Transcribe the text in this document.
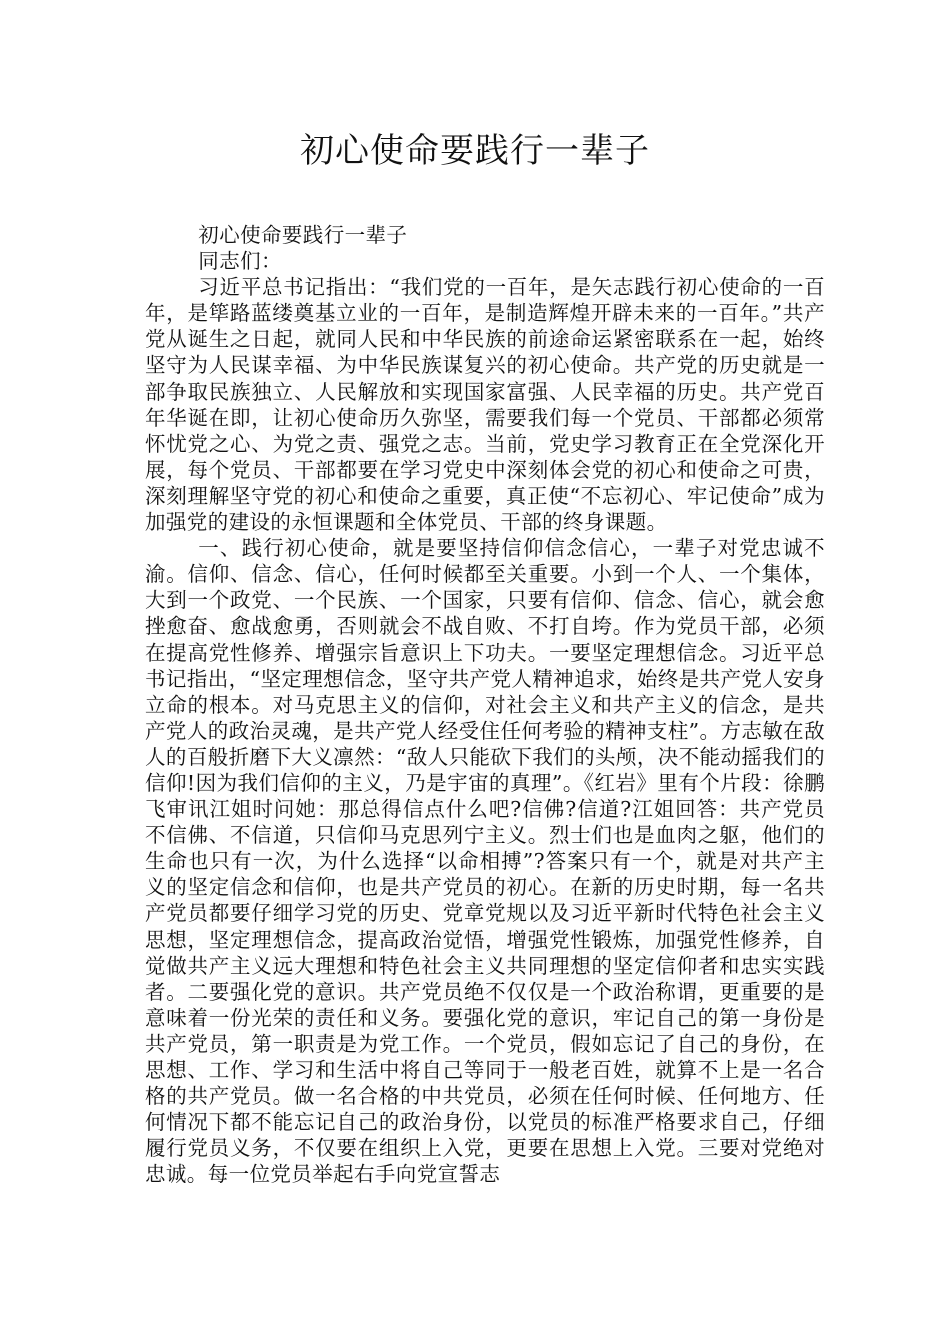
初心使命要践行一辈子

初心使命要践行一辈子

同志们：

习近平总书记指出：“我们党的一百年，是矢志践行初心使命的一百年，是筚路蓝缕奠基立业的一百年，是制造辉煌开辟未来的一百年。”共产党从诞生之日起，就同人民和中华民族的前途命运紧密联系在一起，始终坚守为人民谋幸福、为中华民族谋复兴的初心使命。共产党的历史就是一部争取民族独立、人民解放和实现国家富强、人民幸福的历史。共产党百年华诞在即，让初心使命历久弥坚，需要我们每一个党员、干部都必须常怀忧党之心、为党之责、强党之志。当前，党史学习教育正在全党深化开展，每个党员、干部都要在学习党史中深刻体会党的初心和使命之可贵，深刻理解坚守党的初心和使命之重要，真正使“不忘初心、牢记使命”成为加强党的建设的永恒课题和全体党员、干部的终身课题。

一、践行初心使命，就是要坚持信仰信念信心，一辈子对党忠诚不渝。信仰、信念、信心，任何时候都至关重要。小到一个人、一个集体，大到一个政党、一个民族、一个国家，只要有信仰、信念、信心，就会愈挫愈奋、愈战愈勇，否则就会不战自败、不打自垮。作为党员干部，必须在提高党性修养、增强宗旨意识上下功夫。一要坚定理想信念。习近平总书记指出，“坚定理想信念，坚守共产党人精神追求，始终是共产党人安身立命的根本。对马克思主义的信仰，对社会主义和共产主义的信念，是共产党人的政治灵魂，是共产党人经受住任何考验的精神支柱”。方志敏在敌人的百般折磨下大义凛然：“敌人只能砍下我们的头颅，决不能动摇我们的信仰!因为我们信仰的主义，乃是宇宙的真理”。《红岩》里有个片段：徐鹏飞审讯江姐时问她：那总得信点什么吧?信佛?信道?江姐回答：共产党员不信佛、不信道，只信仰马克思列宁主义。烈士们也是血肉之躯，他们的生命也只有一次，为什么选择“以命相搏”?答案只有一个，就是对共产主义的坚定信念和信仰，也是共产党员的初心。在新的历史时期，每一名共产党员都要仔细学习党的历史、党章党规以及习近平新时代特色社会主义思想，坚定理想信念，提高政治觉悟，增强党性锻炼，加强党性修养，自觉做共产主义远大理想和特色社会主义共同理想的坚定信仰者和忠实实践者。二要强化党的意识。共产党员绝不仅仅是一个政治称谓，更重要的是意味着一份光荣的责任和义务。要强化党的意识，牢记自己的第一身份是共产党员，第一职责是为党工作。一个党员，假如忘记了自己的身份，在思想、工作、学习和生活中将自己等同于一般老百姓，就算不上是一名合格的共产党员。做一名合格的中共党员，必须在任何时候、任何地方、任何情况下都不能忘记自己的政治身份，以党员的标准严格要求自己，仔细履行党员义务，不仅要在组织上入党，更要在思想上入党。三要对党绝对忠诚。每一位党员举起右手向党宣誓志
